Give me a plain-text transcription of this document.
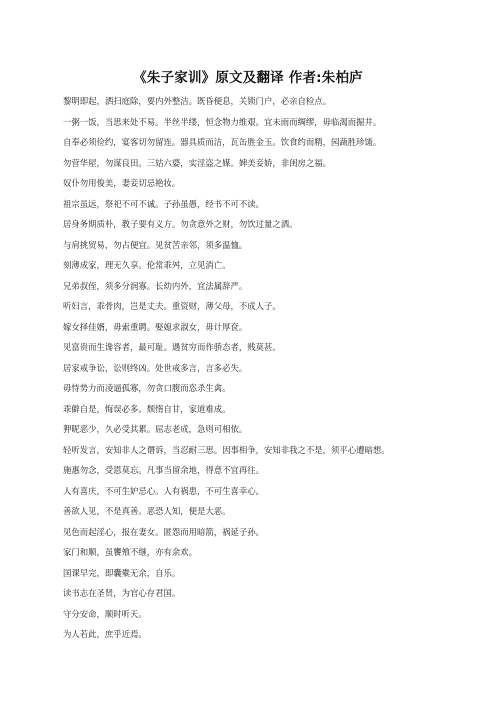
《朱子家训》原文及翻译 作者:朱柏庐
黎明即起，洒扫庭除，要内外整洁。既昏便息，关锁门户，必亲自检点。
一粥一饭，当思来处不易。半丝半缕，恒念物力维艰。宜未雨而绸缪，毋临渴而掘井。
自奉必须俭约，宴客切勿留连。器具质而洁，瓦缶胜金玉。饮食约而精，园蔬胜珍馐。
勿营华屋，勿谋良田。三姑六婆，实淫盗之媒。婢美妾娇，非闺房之福。
奴仆勿用俊美，妻妾切忌艳妆。
祖宗虽远，祭祀不可不诚。子孙虽愚，经书不可不读。
居身务期质朴，教子要有义方。勿贪意外之财，勿饮过量之酒。
与肩挑贸易，勿占便宜。见贫苦亲邻，须多温恤。
刻薄成家，理无久享。伦常乖舛，立见消亡。
兄弟叔侄，须多分润寡。长幼内外，宜法属辞严。
听妇言，乖骨肉，岂是丈夫。重资财，薄父母，不成人子。
嫁女择佳婿，毋索重聘。娶媳求淑女，毋计厚奁。
见富贵而生谗容者，最可耻。遇贫穷而作骄态者，贱莫甚。
居家戒争讼，讼则终凶。处世戒多言，言多必失。
毋恃势力而凌逼孤寡，勿贪口腹而恣杀生禽。
乖僻自是，悔误必多。颓惰自甘，家道难成。
狎昵恶少，久必受其累。屈志老成，急则可相依。
轻听发言，安知非人之谮诉，当忍耐三思。因事相争，安知非我之不是，须平心遭暗想。
施惠勿念，受恩莫忘。凡事当留余地，得意不宜再往。
人有喜庆，不可生妒忌心。人有祸患，不可生喜幸心。
善欲人见，不是真善。恶恐人知，便是大恶。
见色而起淫心，报在妻女。匿怨而用暗箭，祸延子孙。
家门和顺，虽饔飧不继，亦有余欢。
国课早完，即囊橐无余，自乐。
读书志在圣贤，为官心存君国。
守分安命，顺时听天。
为人若此，庶乎近焉。
